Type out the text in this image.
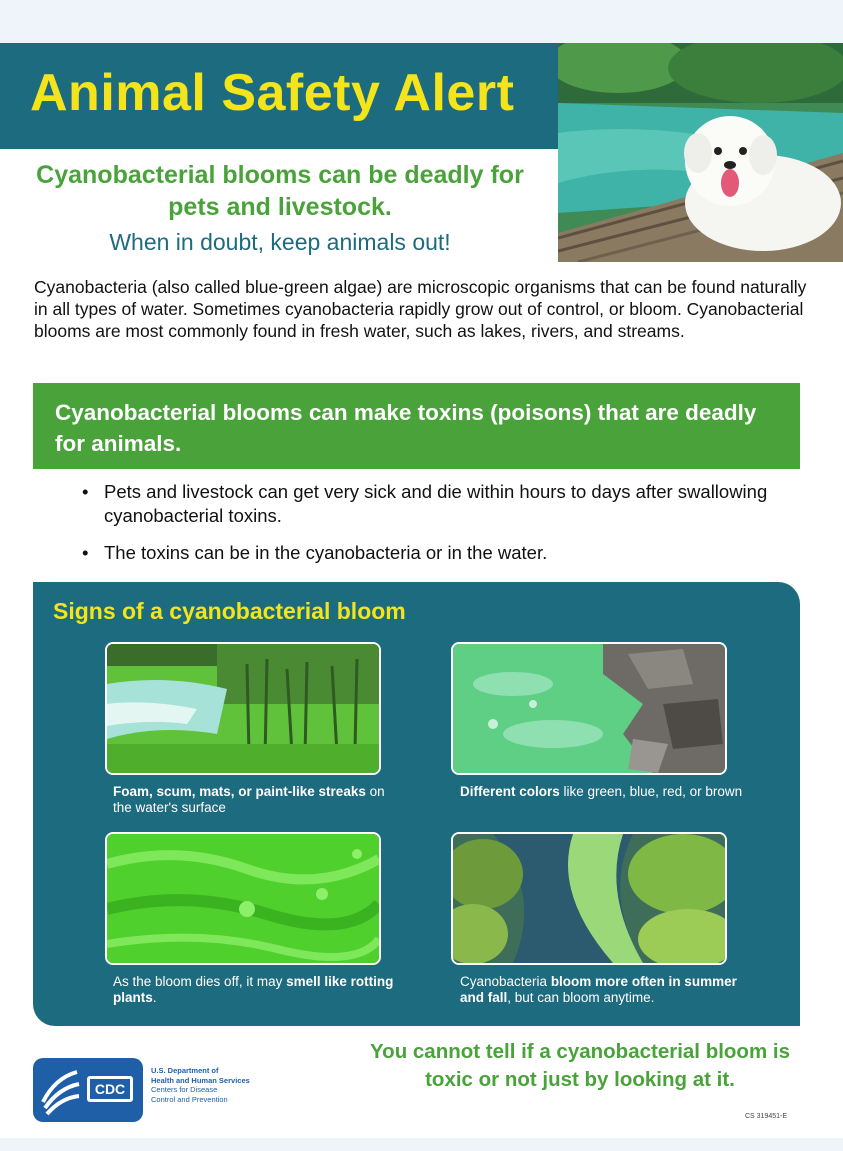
Animal Safety Alert

Cyanobacterial blooms can be deadly for pets and livestock.

When in doubt, keep animals out!

Cyanobacteria (also called blue-green algae) are microscopic organisms that can be found naturally in all types of water. Sometimes cyanobacteria rapidly grow out of control, or bloom. Cyanobacterial blooms are most commonly found in fresh water, such as lakes, rivers, and streams.

Cyanobacterial blooms can make toxins (poisons) that are deadly for animals.

• Pets and livestock can get very sick and die within hours to days after swallowing cyanobacterial toxins.
• The toxins can be in the cyanobacteria or in the water.
Signs of a cyanobacterial bloom

Foam, scum, mats, or paint-like streaks on the water's surface

Different colors like green, blue, red, or brown

As the bloom dies off, it may smell like rotting plants.

Cyanobacteria bloom more often in summer and fall, but can bloom anytime.

You cannot tell if a cyanobacterial bloom is toxic or not just by looking at it.

CDC

U.S. Department of
Health and Human Services
Centers for Disease
Control and Prevention

CS 319451-E
